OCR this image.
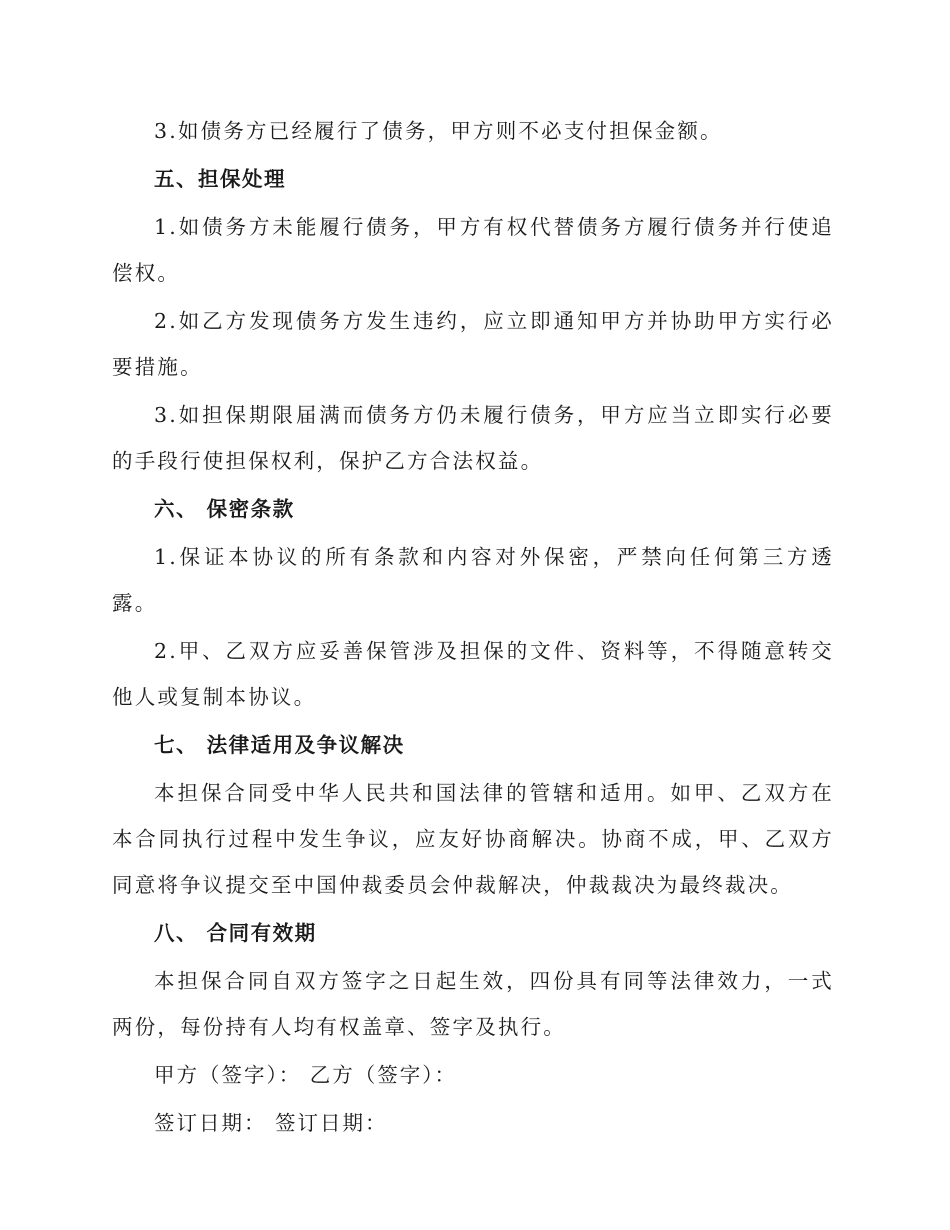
3.如债务方已经履行了债务，甲方则不必支付担保金额。

五、担保处理

1.如债务方未能履行债务，甲方有权代替债务方履行债务并行使追偿权。

2.如乙方发现债务方发生违约，应立即通知甲方并协助甲方实行必要措施。

3.如担保期限届满而债务方仍未履行债务，甲方应当立即实行必要的手段行使担保权利，保护乙方合法权益。

六、 保密条款

1.保证本协议的所有条款和内容对外保密，严禁向任何第三方透露。

2.甲、乙双方应妥善保管涉及担保的文件、资料等，不得随意转交他人或复制本协议。

七、 法律适用及争议解决

本担保合同受中华人民共和国法律的管辖和适用。如甲、乙双方在本合同执行过程中发生争议，应友好协商解决。协商不成，甲、乙双方同意将争议提交至中国仲裁委员会仲裁解决，仲裁裁决为最终裁决。

八、 合同有效期

本担保合同自双方签字之日起生效，四份具有同等法律效力，一式两份，每份持有人均有权盖章、签字及执行。

甲方（签字）： 乙方（签字）：

签订日期： 签订日期：
